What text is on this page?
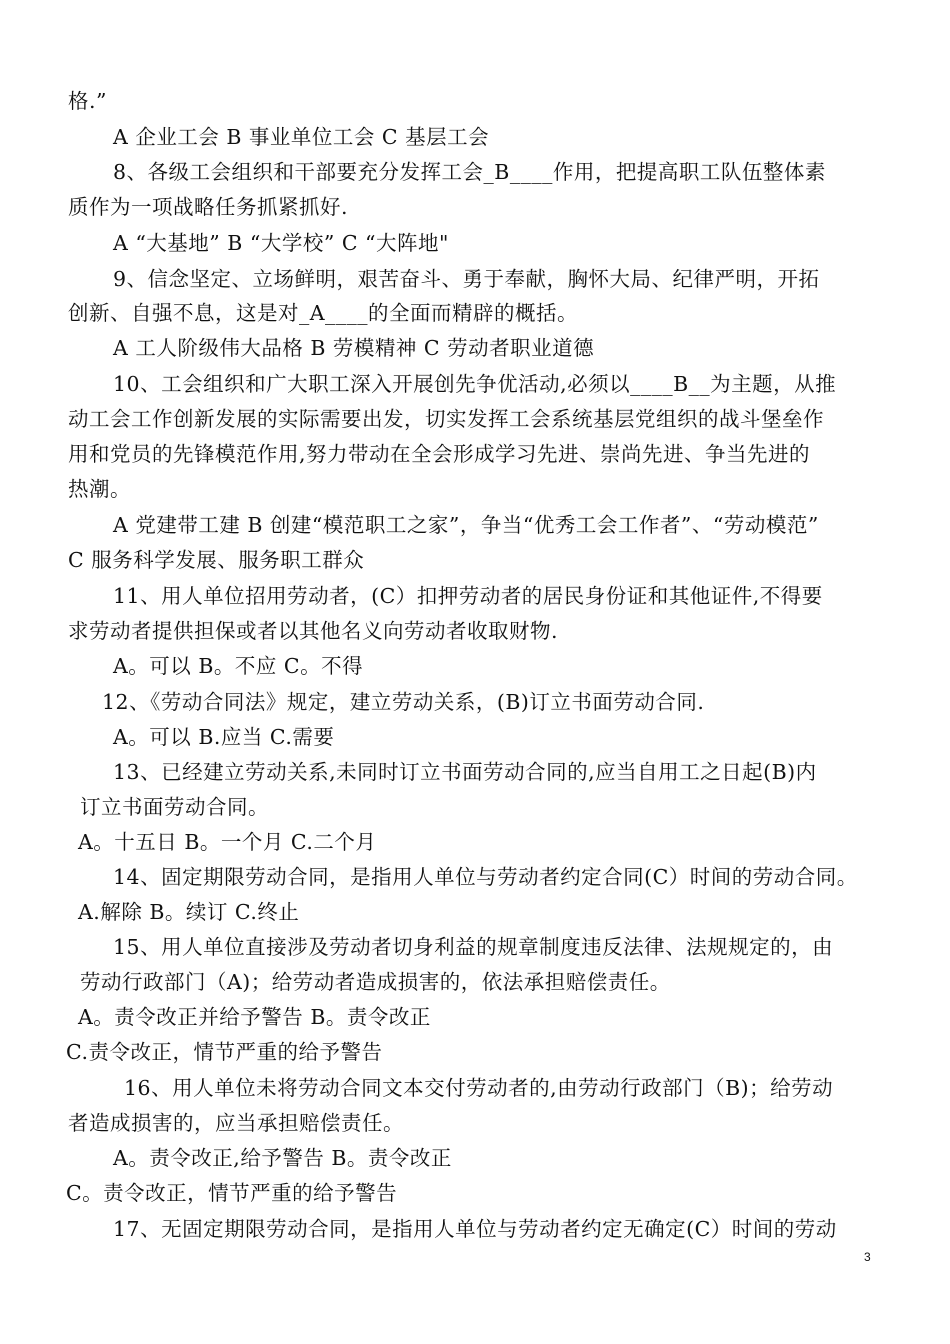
格.”
A 企业工会 B 事业单位工会 C 基层工会
8、各级工会组织和干部要充分发挥工会_B____作用，把提高职工队伍整体素
质作为一项战略任务抓紧抓好.
A “大基地” B “大学校” C “大阵地"
9、信念坚定、立场鲜明，艰苦奋斗、勇于奉献，胸怀大局、纪律严明，开拓
创新、自强不息，这是对_A____的全面而精辟的概括。
A 工人阶级伟大品格 B 劳模精神 C 劳动者职业道德
10、工会组织和广大职工深入开展创先争优活动,必须以____B__为主题，从推
动工会工作创新发展的实际需要出发，切实发挥工会系统基层党组织的战斗堡垒作
用和党员的先锋模范作用,努力带动在全会形成学习先进、崇尚先进、争当先进的
热潮。
A 党建带工建 B 创建“模范职工之家”，争当“优秀工会工作者”、“劳动模范”
C 服务科学发展、服务职工群众
11、用人单位招用劳动者，(C）扣押劳动者的居民身份证和其他证件,不得要
求劳动者提供担保或者以其他名义向劳动者收取财物.
A。可以 B。不应 C。不得
12、《劳动合同法》规定，建立劳动关系，(B)订立书面劳动合同.
A。可以 B.应当 C.需要
13、已经建立劳动关系,未同时订立书面劳动合同的,应当自用工之日起(B)内
订立书面劳动合同。
A。十五日 B。一个月 C.二个月
14、固定期限劳动合同，是指用人单位与劳动者约定合同(C）时间的劳动合同。
A.解除 B。续订 C.终止
15、用人单位直接涉及劳动者切身利益的规章制度违反法律、法规规定的，由
劳动行政部门（A)；给劳动者造成损害的，依法承担赔偿责任。
A。责令改正并给予警告 B。责令改正
C.责令改正，情节严重的给予警告
16、用人单位未将劳动合同文本交付劳动者的,由劳动行政部门（B)；给劳动
者造成损害的，应当承担赔偿责任。
A。责令改正,给予警告 B。责令改正
C。责令改正，情节严重的给予警告
17、无固定期限劳动合同，是指用人单位与劳动者约定无确定(C）时间的劳动
3
